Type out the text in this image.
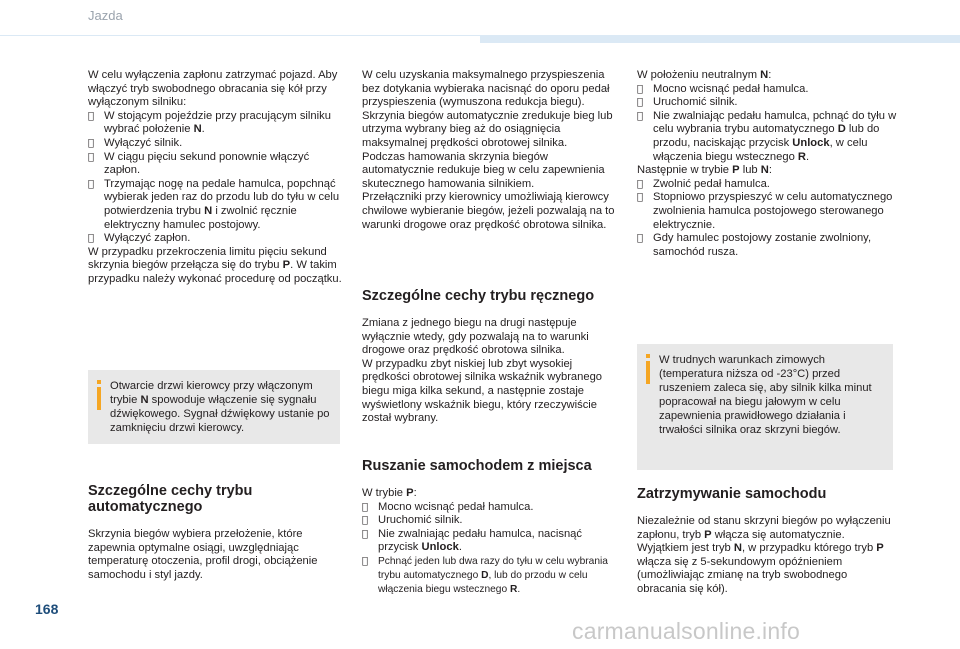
Jazda

W celu wyłączenia zapłonu zatrzymać pojazd. Aby włączyć tryb swobodnego obracania się kół przy wyłączonym silniku:

W stojącym pojeździe przy pracującym silniku wybrać położenie N.
Wyłączyć silnik.
W ciągu pięciu sekund ponownie włączyć zapłon.
Trzymając nogę na pedale hamulca, popchnąć wybierak jeden raz do przodu lub do tyłu w celu potwierdzenia trybu N i zwolnić ręcznie elektryczny hamulec postojowy.
Wyłączyć zapłon.

W przypadku przekroczenia limitu pięciu sekund skrzynia biegów przełącza się do trybu P. W takim przypadku należy wykonać procedurę od początku.

Otwarcie drzwi kierowcy przy włączonym trybie N spowoduje włączenie się sygnału dźwiękowego. Sygnał dźwiękowy ustanie po zamknięciu drzwi kierowcy.
Szczególne cechy trybu automatycznego

Skrzynia biegów wybiera przełożenie, które zapewnia optymalne osiągi, uwzględniając temperaturę otoczenia, profil drogi, obciążenie samochodu i styl jazdy.

W celu uzyskania maksymalnego przyspieszenia bez dotykania wybieraka nacisnąć do oporu pedał przyspieszenia (wymuszona redukcja biegu). Skrzynia biegów automatycznie zredukuje bieg lub utrzyma wybrany bieg aż do osiągnięcia maksymalnej prędkości obrotowej silnika.

Podczas hamowania skrzynia biegów automatycznie redukuje bieg w celu zapewnienia skutecznego hamowania silnikiem.

Przełączniki przy kierownicy umożliwiają kierowcy chwilowe wybieranie biegów, jeżeli pozwalają na to warunki drogowe oraz prędkość obrotowa silnika.

Szczególne cechy trybu ręcznego

Zmiana z jednego biegu na drugi następuje wyłącznie wtedy, gdy pozwalają na to warunki drogowe oraz prędkość obrotowa silnika.

W przypadku zbyt niskiej lub zbyt wysokiej prędkości obrotowej silnika wskaźnik wybranego biegu miga kilka sekund, a następnie zostaje wyświetlony wskaźnik biegu, który rzeczywiście został wybrany.

Ruszanie samochodem z miejsca

W trybie P:

Mocno wcisnąć pedał hamulca.
Uruchomić silnik.
Nie zwalniając pedału hamulca, nacisnąć przycisk Unlock.
Pchnąć jeden lub dwa razy do tyłu w celu wybrania trybu automatycznego D, lub do przodu w celu włączenia biegu wstecznego R.

W położeniu neutralnym N:

Mocno wcisnąć pedał hamulca.
Uruchomić silnik.
Nie zwalniając pedału hamulca, pchnąć do tyłu w celu wybrania trybu automatycznego D lub do przodu, naciskając przycisk Unlock, w celu włączenia biegu wstecznego R.

Następnie w trybie P lub N:

Zwolnić pedał hamulca.
Stopniowo przyspieszyć w celu automatycznego zwolnienia hamulca postojowego sterowanego elektrycznie.
Gdy hamulec postojowy zostanie zwolniony, samochód rusza.
W trudnych warunkach zimowych (temperatura niższa od -23°C) przed ruszeniem zaleca się, aby silnik kilka minut popracował na biegu jałowym w celu zapewnienia prawidłowego działania i trwałości silnika oraz skrzyni biegów.
Zatrzymywanie samochodu

Niezależnie od stanu skrzyni biegów po wyłączeniu zapłonu, tryb P włącza się automatycznie. Wyjątkiem jest tryb N, w przypadku którego tryb P włącza się z 5-sekundowym opóźnieniem (umożliwiając zmianę na tryb swobodnego obracania się kół).

168
carmanualsonline.info
